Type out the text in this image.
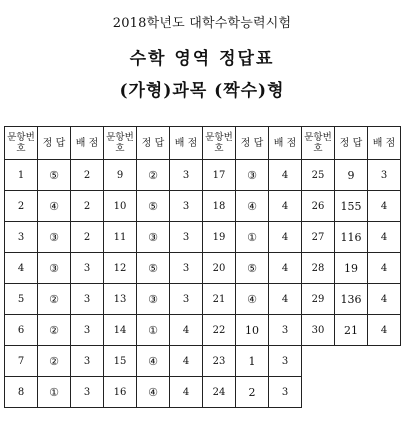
2018학년도 대학수학능력시험
수학 영역 정답표
(가형)과목 (짝수)형
문항번호	정 답	배 점	문항번호	정 답	배 점	문항번호	정 답	배 점	문항번호	정 답	배 점
1	⑤	2	9	②	3	17	③	4	25	9	3
2	④	2	10	⑤	3	18	④	4	26	155	4
3	③	2	11	③	3	19	①	4	27	116	4
4	③	3	12	⑤	3	20	⑤	4	28	19	4
5	②	3	13	③	3	21	④	4	29	136	4
6	②	3	14	①	4	22	10	3	30	21	4
7	②	3	15	④	4	23	1	3			
8	①	3	16	④	4	24	2	3			
